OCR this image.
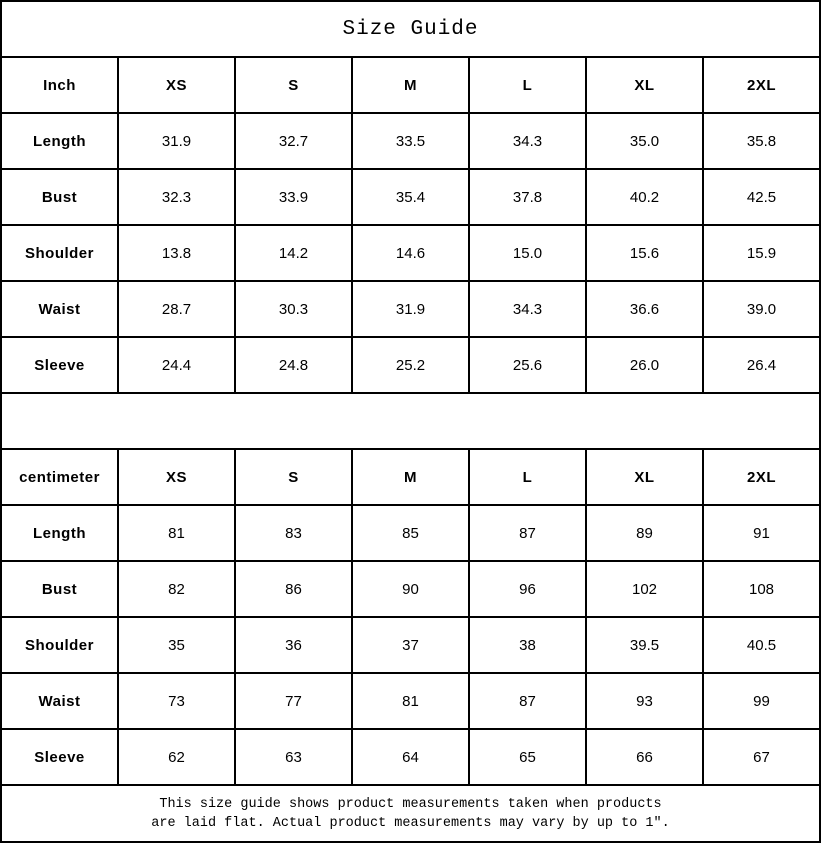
Size Guide						
Inch	XS	S	M	L	XL	2XL
Length	31.9	32.7	33.5	34.3	35.0	35.8
Bust	32.3	33.9	35.4	37.8	40.2	42.5
Shoulder	13.8	14.2	14.6	15.0	15.6	15.9
Waist	28.7	30.3	31.9	34.3	36.6	39.0
Sleeve	24.4	24.8	25.2	25.6	26.0	26.4

centimeter	XS	S	M	L	XL	2XL
Length	81	83	85	87	89	91
Bust	82	86	90	96	102	108
Shoulder	35	36	37	38	39.5	40.5
Waist	73	77	81	87	93	99
Sleeve	62	63	64	65	66	67

This size guide shows product measurements taken when products
are laid flat. Actual product measurements may vary by up to 1″.						
